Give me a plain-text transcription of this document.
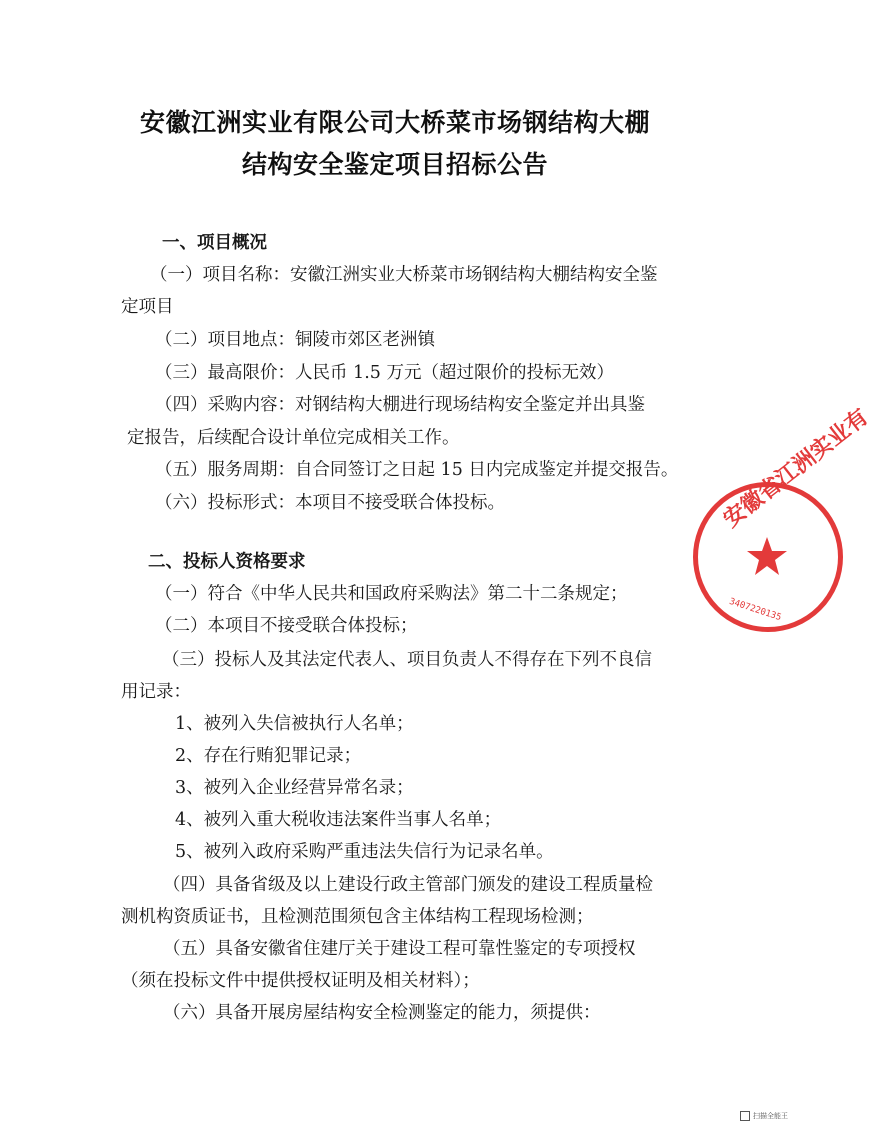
安徽江洲实业有限公司大桥菜市场钢结构大棚
结构安全鉴定项目招标公告
一、项目概况
（一）项目名称：安徽江洲实业大桥菜市场钢结构大棚结构安全鉴
定项目
（二）项目地点：铜陵市郊区老洲镇
（三）最高限价：人民币 1.5 万元（超过限价的投标无效）
（四）采购内容：对钢结构大棚进行现场结构安全鉴定并出具鉴
定报告，后续配合设计单位完成相关工作。
（五）服务周期：自合同签订之日起 15 日内完成鉴定并提交报告。
（六）投标形式：本项目不接受联合体投标。
二、投标人资格要求
（一）符合《中华人民共和国政府采购法》第二十二条规定；
（二）本项目不接受联合体投标；
（三）投标人及其法定代表人、项目负责人不得存在下列不良信
用记录：
1、被列入失信被执行人名单；
2、存在行贿犯罪记录；
3、被列入企业经营异常名录；
4、被列入重大税收违法案件当事人名单；
5、被列入政府采购严重违法失信行为记录名单。
（四）具备省级及以上建设行政主管部门颁发的建设工程质量检
测机构资质证书，且检测范围须包含主体结构工程现场检测；
（五）具备安徽省住建厅关于建设工程可靠性鉴定的专项授权
（须在投标文件中提供授权证明及相关材料）；
（六）具备开展房屋结构安全检测鉴定的能力，须提供：
安徽省江洲实业有
3407220135
扫描全能王
